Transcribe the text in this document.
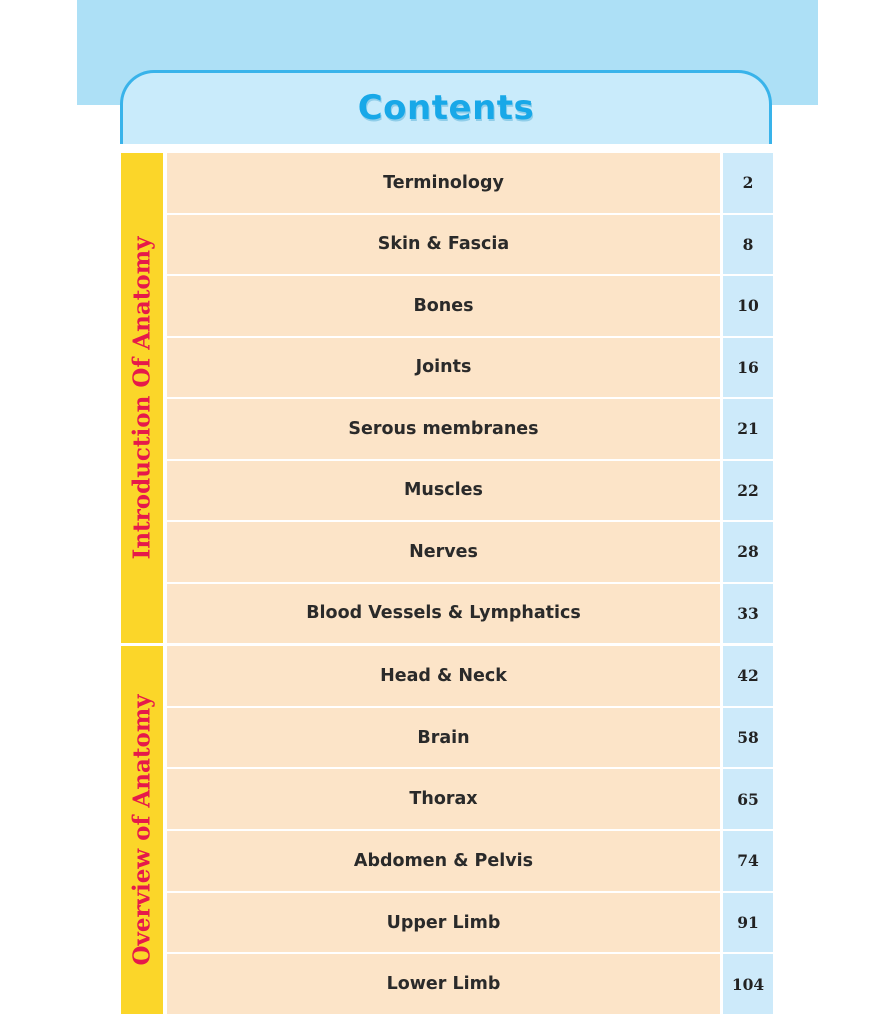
Contents
Introduction Of Anatomy
Terminology	2
Skin & Fascia	8
Bones	10
Joints	16
Serous membranes	21
Muscles	22
Nerves	28
Blood Vessels & Lymphatics	33
Overview of Anatomy
Head & Neck	42
Brain	58
Thorax	65
Abdomen & Pelvis	74
Upper Limb	91
Lower Limb	104
